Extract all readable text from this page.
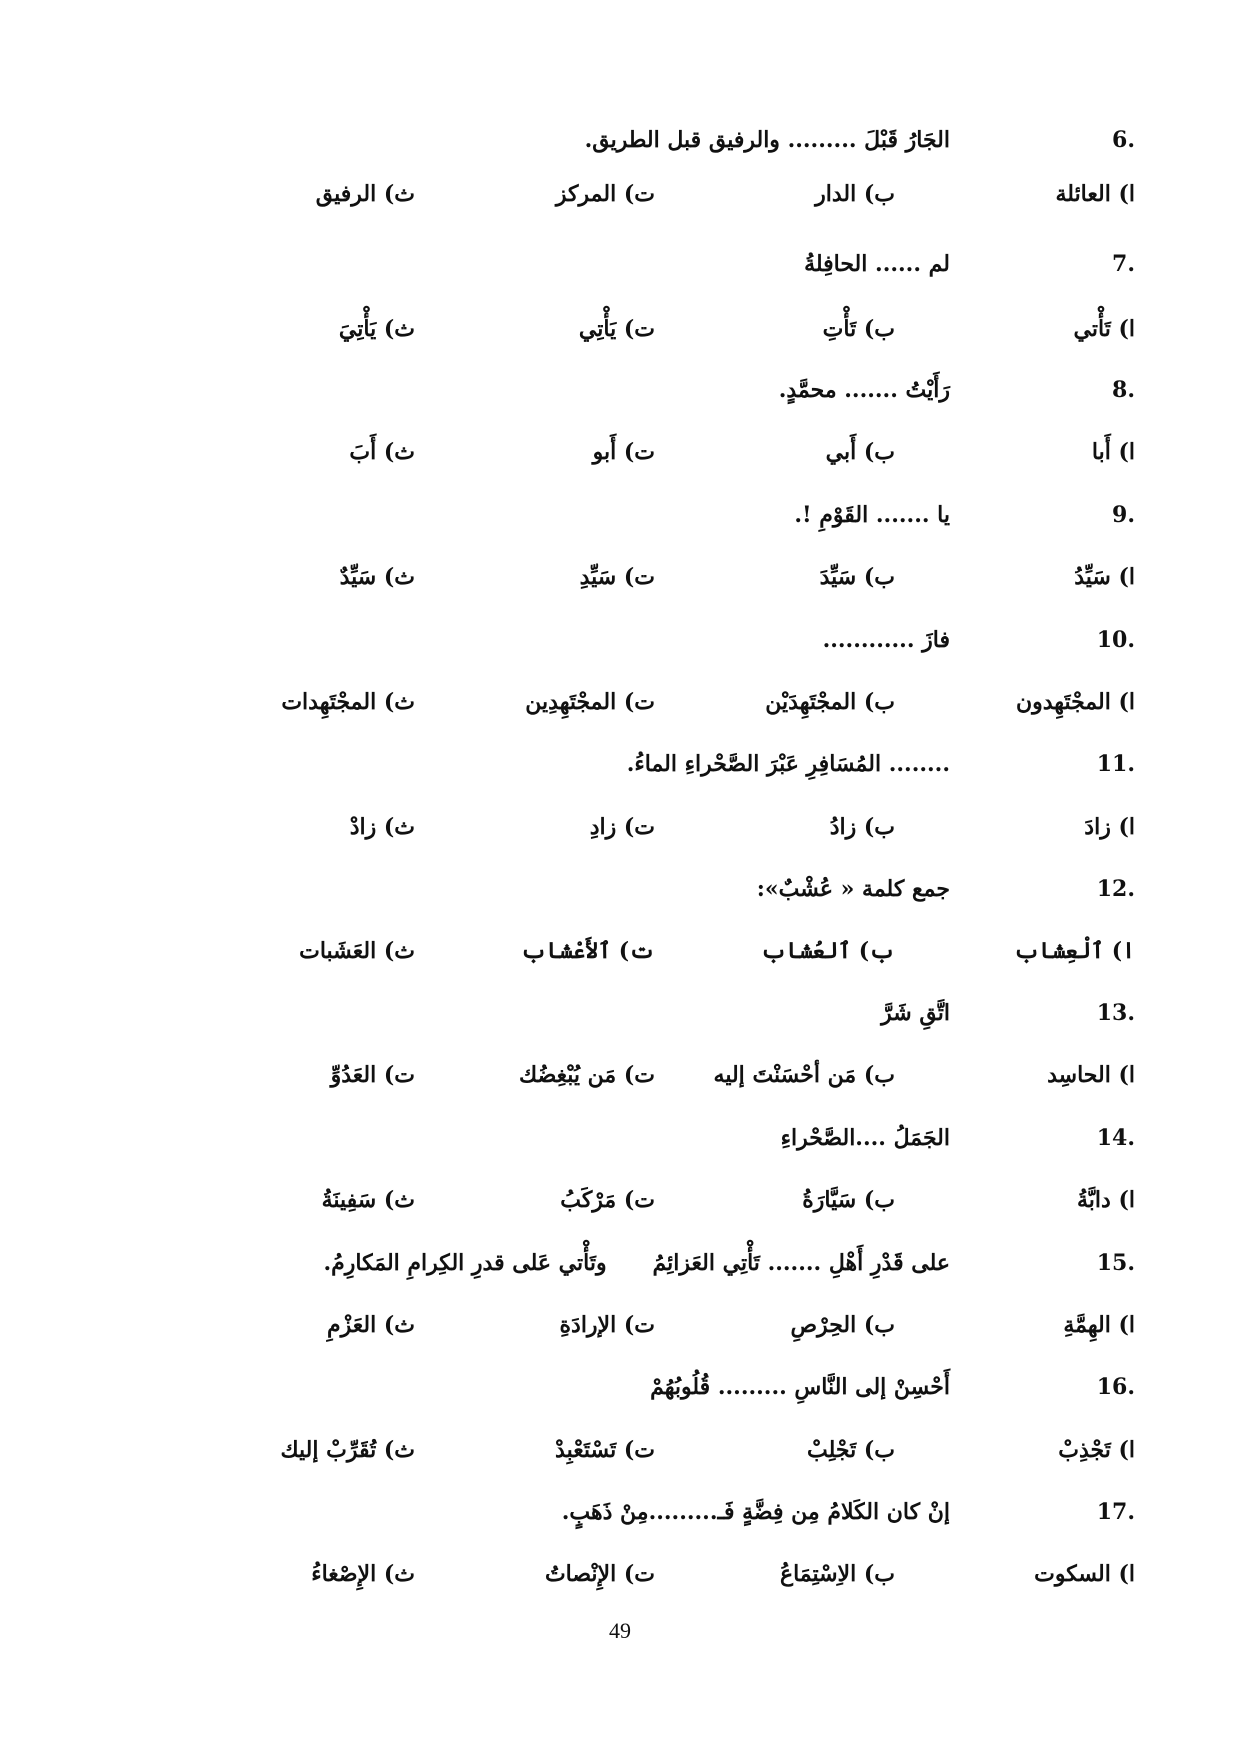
6.
الجَارُ قَبْلَ ......... والرفيق قبل الطريق.
ا) العائلة
ب) الدار
ت) المركز
ث) الرفيق
7.
لم ...... الحافِلةُ
ا) تَأْتي
ب) تَأْتِ
ت) يَأْتِي
ث) يَأْتِيَ
8.
رَأَيْتُ ....... محمَّدٍ.
ا) أَبا
ب) أَبي
ت) أَبو
ث) أَبَ
9.
يا ....... القَوْمِ !.
ا) سَيِّدُ
ب) سَيِّدَ
ت) سَيِّدِ
ث) سَيِّدٌ
10.
فازَ ............
ا) المجْتَهِدون
ب) المجْتَهِدَيْن
ت) المجْتَهِدِين
ث) المجْتَهِدات
11.
........ المُسَافِرِ عَبْرَ الصَّحْراءِ الماءُ.
ا) زادَ
ب) زادُ
ت) زادِ
ث) زادْ
12.
جمع كلمة « عُشْبٌ»:
ا) ٱلْعِشاب
ب) ٱلعُشاب
ت) ٱلأَعْشاب
ث) العَشَبات
13.
اتَّقِ شَرَّ
ا) الحاسِد
ب) مَن أحْسَنْتَ إليه
ت) مَن يُبْغِضُك
ت) العَدُوِّ
14.
الجَمَلُ ....الصَّحْراءِ
ا) دابَّةُ
ب) سَيَّارَةُ
ت) مَرْكَبُ
ث) سَفِينَةُ
15.
على قَدْرِ أَهْلِ ....... تَأْتِي العَزائِمُ      وتَأْتي عَلى قدرِ الكِرامِ المَكارِمُ.
ا) الهِمَّةِ
ب) الحِرْصِ
ت) الإرادَةِ
ث) العَزْمِ
16.
أَحْسِنْ إلى النَّاسِ ......... قُلُوبُهُمْ
ا) تَجْذِبْ
ب) تَجْلِبْ
ت) تَسْتَعْبِدْ
ث) تُقَرِّبْ إليك
17.
إنْ كان الكَلامُ مِن فِضَّةٍ فَـ.........مِنْ ذَهَبٍ.
ا) السكوت
ب) الاِسْتِمَاعُ
ت) الإِنْصاتُ
ث) الإِصْغاءُ
49
